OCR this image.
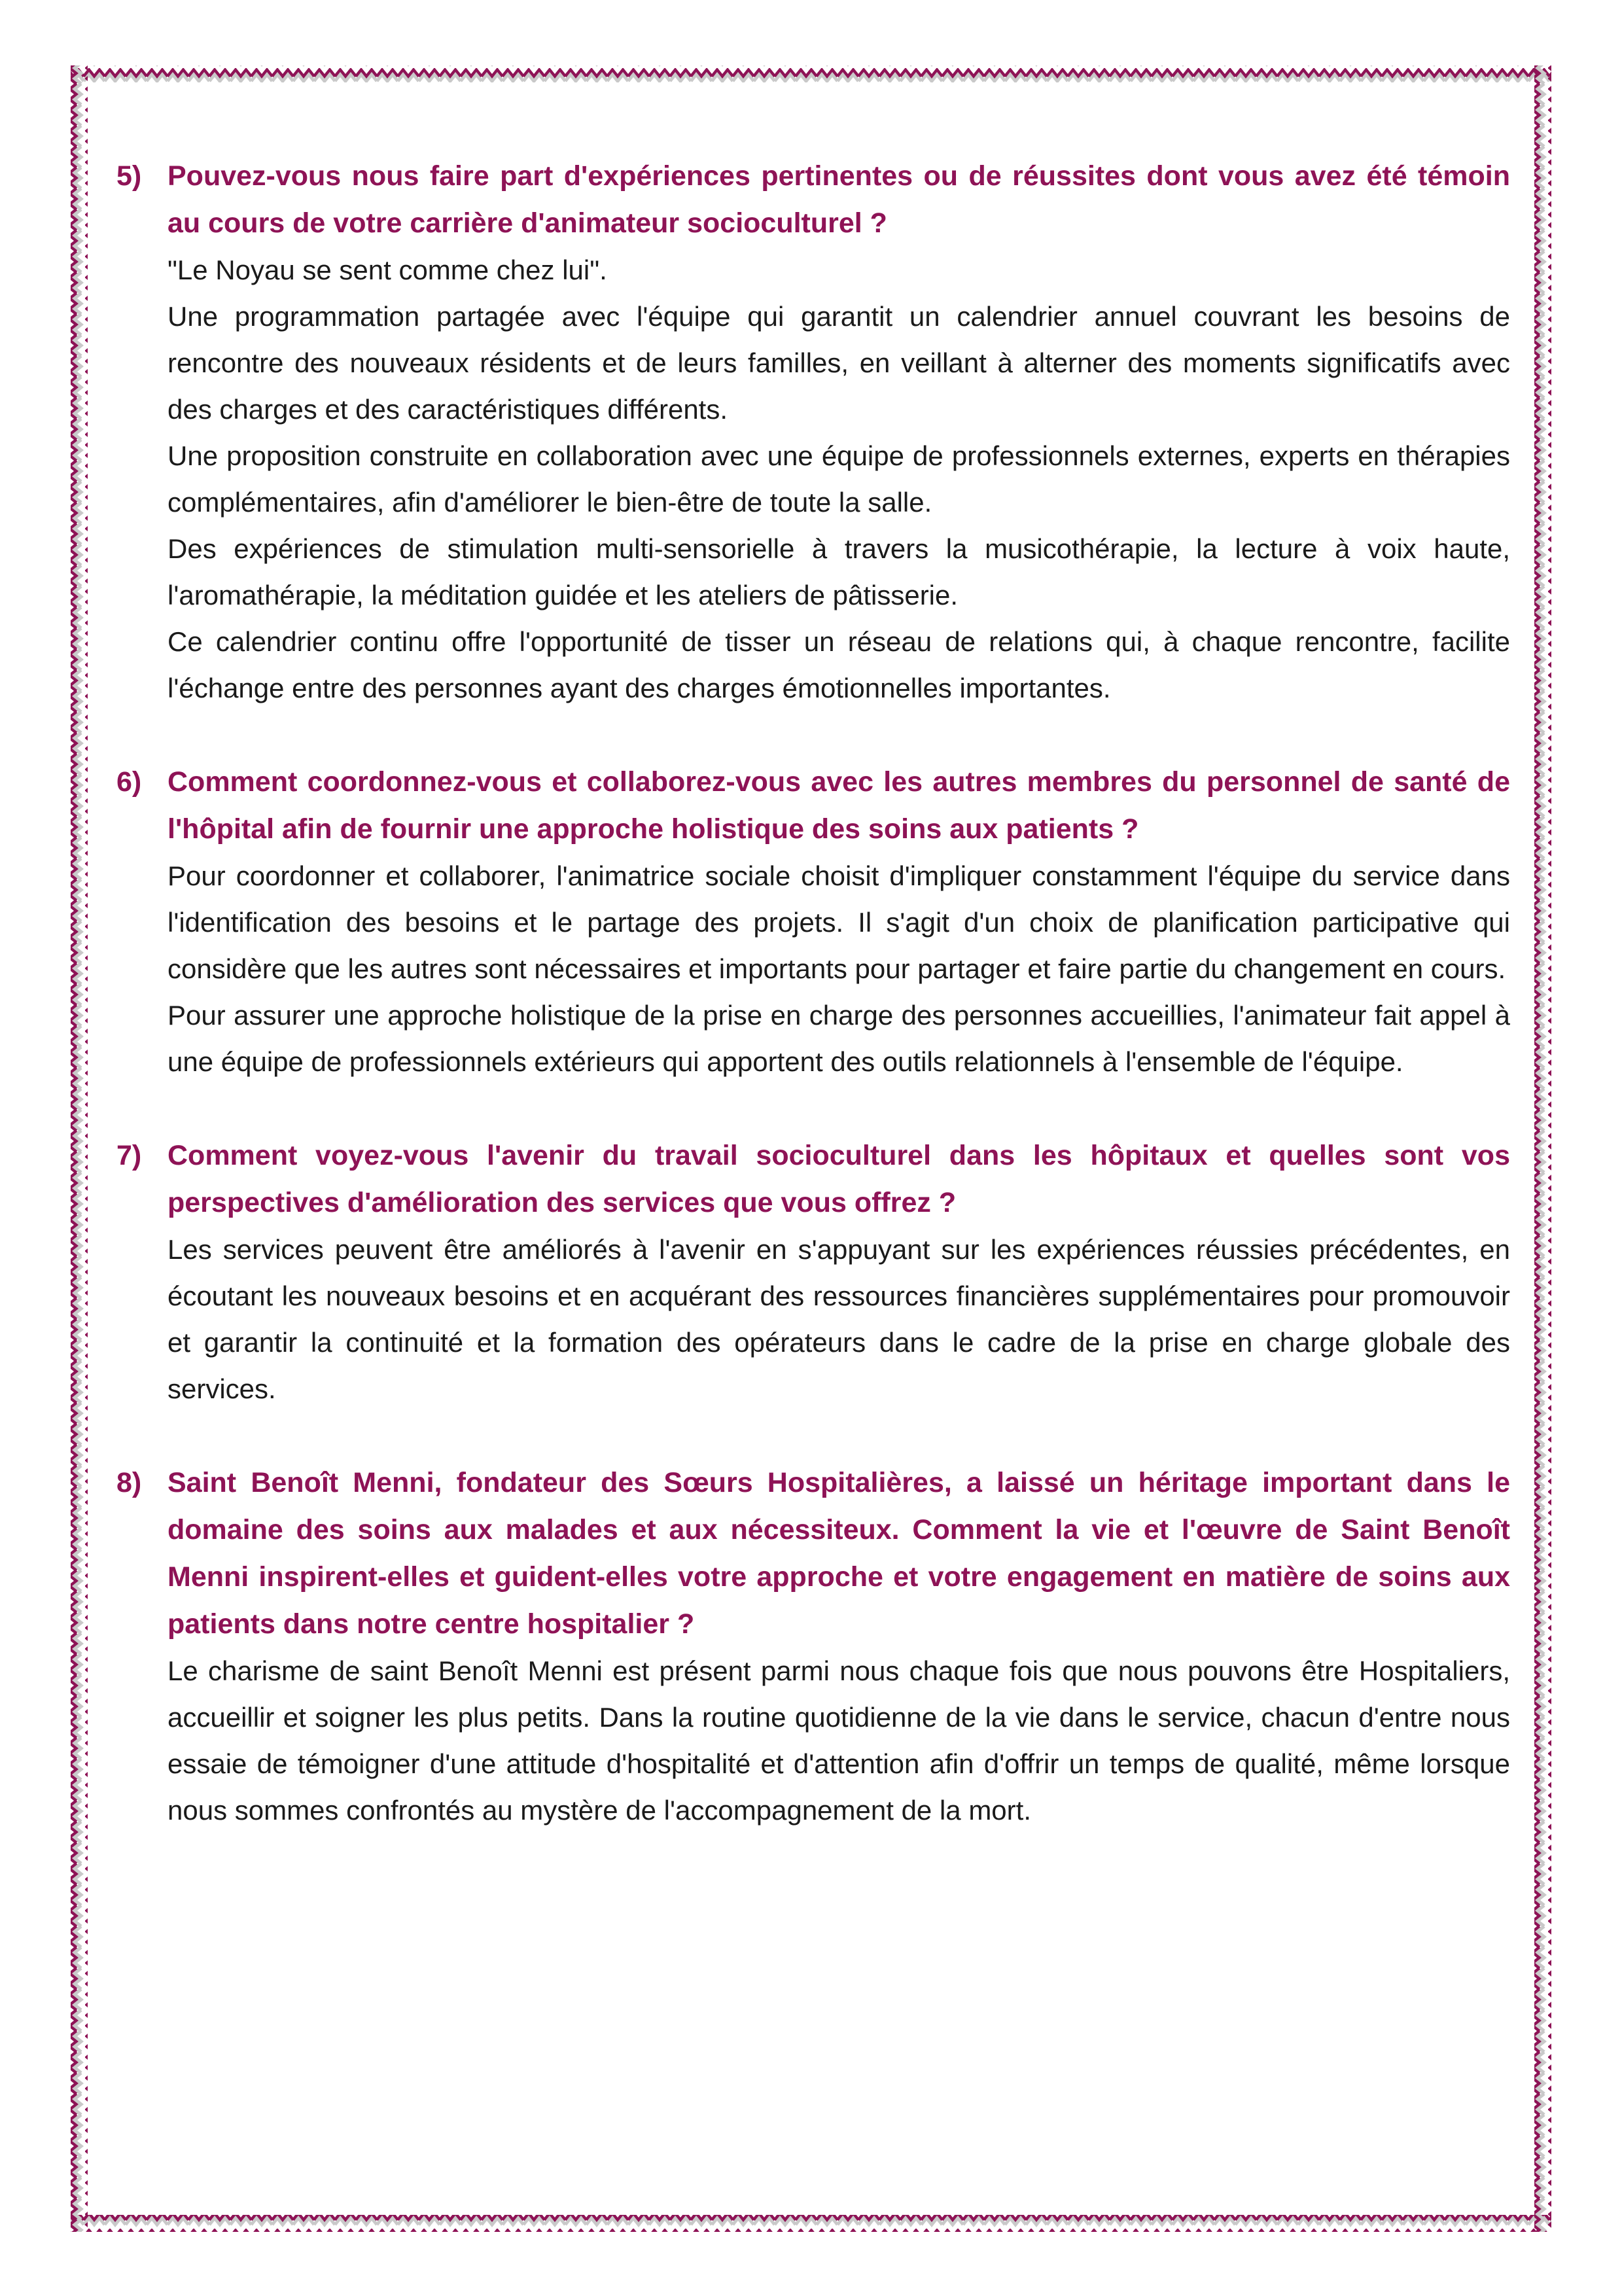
5) Pouvez-vous nous faire part d'expériences pertinentes ou de réussites dont vous avez été témoin au cours de votre carrière d'animateur socioculturel ?

"Le Noyau se sent comme chez lui".

Une programmation partagée avec l'équipe qui garantit un calendrier annuel couvrant les besoins de rencontre des nouveaux résidents et de leurs familles, en veillant à alterner des moments significatifs avec des charges et des caractéristiques différents.

Une proposition construite en collaboration avec une équipe de professionnels externes, experts en thérapies complémentaires, afin d'améliorer le bien-être de toute la salle.

Des expériences de stimulation multi-sensorielle à travers la musicothérapie, la lecture à voix haute, l'aromathérapie, la méditation guidée et les ateliers de pâtisserie.

Ce calendrier continu offre l'opportunité de tisser un réseau de relations qui, à chaque rencontre, facilite l'échange entre des personnes ayant des charges émotionnelles importantes.

6) Comment coordonnez-vous et collaborez-vous avec les autres membres du personnel de santé de l'hôpital afin de fournir une approche holistique des soins aux patients ?

Pour coordonner et collaborer, l'animatrice sociale choisit d'impliquer constamment l'équipe du service dans l'identification des besoins et le partage des projets. Il s'agit d'un choix de planification participative qui considère que les autres sont nécessaires et importants pour partager et faire partie du changement en cours.

Pour assurer une approche holistique de la prise en charge des personnes accueillies, l'animateur fait appel à une équipe de professionnels extérieurs qui apportent des outils relationnels à l'ensemble de l'équipe.

7) Comment voyez-vous l'avenir du travail socioculturel dans les hôpitaux et quelles sont vos perspectives d'amélioration des services que vous offrez ?

Les services peuvent être améliorés à l'avenir en s'appuyant sur les expériences réussies précédentes, en écoutant les nouveaux besoins et en acquérant des ressources financières supplémentaires pour promouvoir et garantir la continuité et la formation des opérateurs dans le cadre de la prise en charge globale des services.

8) Saint Benoît Menni, fondateur des Sœurs Hospitalières, a laissé un héritage important dans le domaine des soins aux malades et aux nécessiteux. Comment la vie et l'œuvre de Saint Benoît Menni inspirent-elles et guident-elles votre approche et votre engagement en matière de soins aux patients dans notre centre hospitalier ?

Le charisme de saint Benoît Menni est présent parmi nous chaque fois que nous pouvons être Hospitaliers, accueillir et soigner les plus petits. Dans la routine quotidienne de la vie dans le service, chacun d'entre nous essaie de témoigner d'une attitude d'hospitalité et d'attention afin d'offrir un temps de qualité, même lorsque nous sommes confrontés au mystère de l'accompagnement de la mort.
